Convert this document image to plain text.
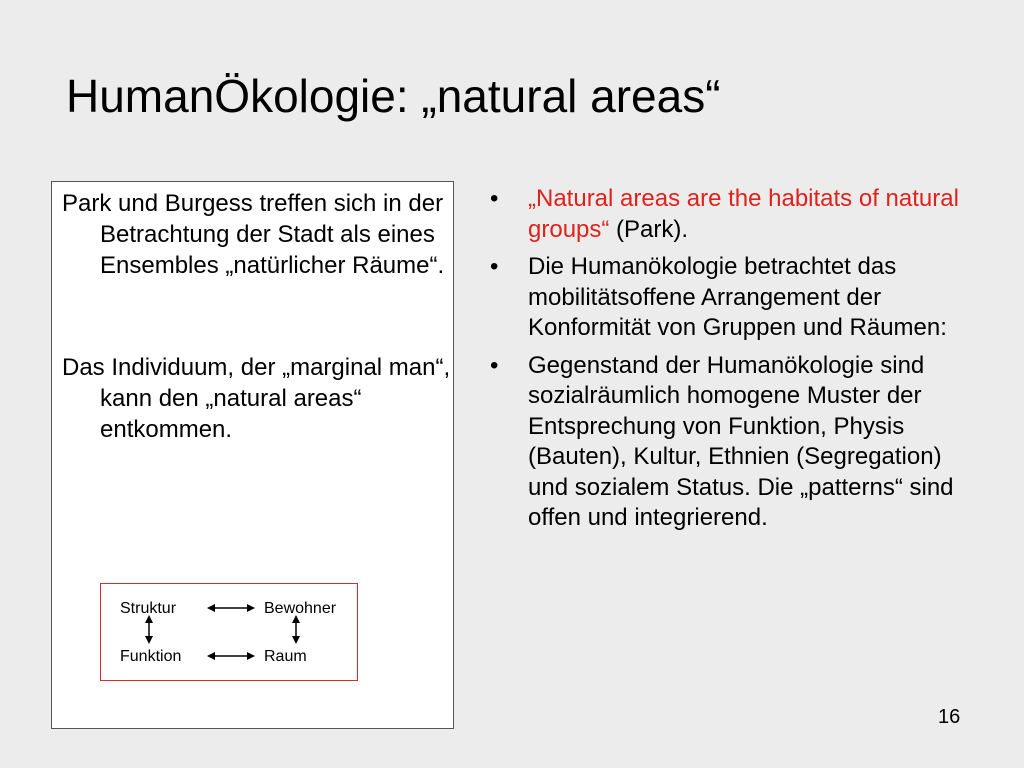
HumanÖkologie: „natural areas“
Park und Burgess treffen sich in der Betrachtung der Stadt als eines Ensembles „natürlicher Räume“.
Das Individuum, der „marginal man“, kann den „natural areas“ entkommen.
Struktur	Bewohner
Funktion	Raum
• „Natural areas are the habitats of natural groups“ (Park).
• Die Humanökologie betrachtet das mobilitätsoffene Arrangement der Konformität von Gruppen und Räumen:
• Gegenstand der Humanökologie sind sozialräumlich homogene Muster der Entsprechung von Funktion, Physis (Bauten), Kultur, Ethnien (Segregation) und sozialem Status. Die „patterns“ sind offen und integrierend.
16
